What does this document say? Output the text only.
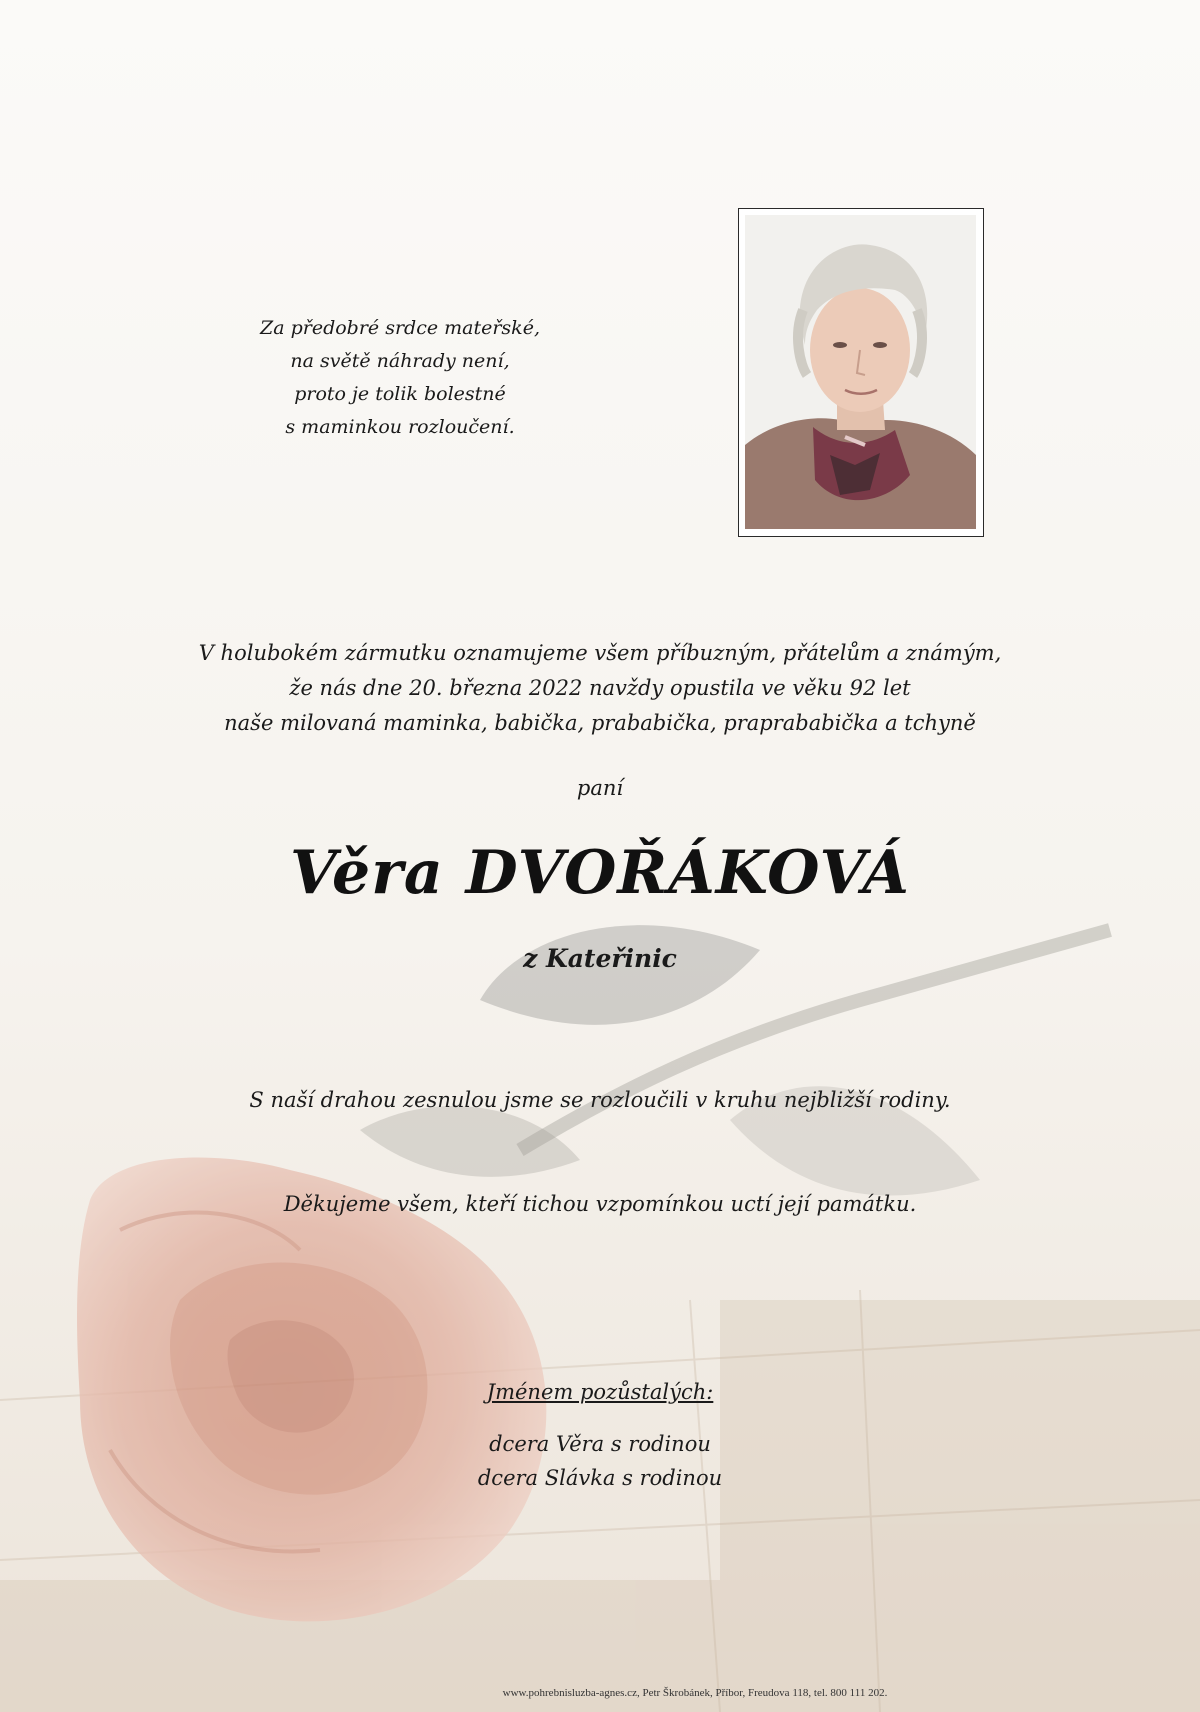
Za předobré srdce mateřské,
na světě náhrady není,
proto je tolik bolestné
s maminkou rozloučení.
V holubokém zármutku oznamujeme všem příbuzným, přátelům a známým,
že nás dne 20. března 2022 navždy opustila ve věku 92 let
naše milovaná maminka, babička, prababička, praprababička a tchyně
paní
Věra DVOŘÁKOVÁ
z Kateřinic
S naší drahou zesnulou jsme se rozloučili v kruhu nejbližší rodiny.
Děkujeme všem, kteří tichou vzpomínkou uctí její památku.
Jménem pozůstalých:
dcera Věra s rodinou
dcera Slávka s rodinou
www.pohrebnisluzba-agnes.cz, Petr Škrobánek, Příbor, Freudova 118, tel. 800 111 202.
